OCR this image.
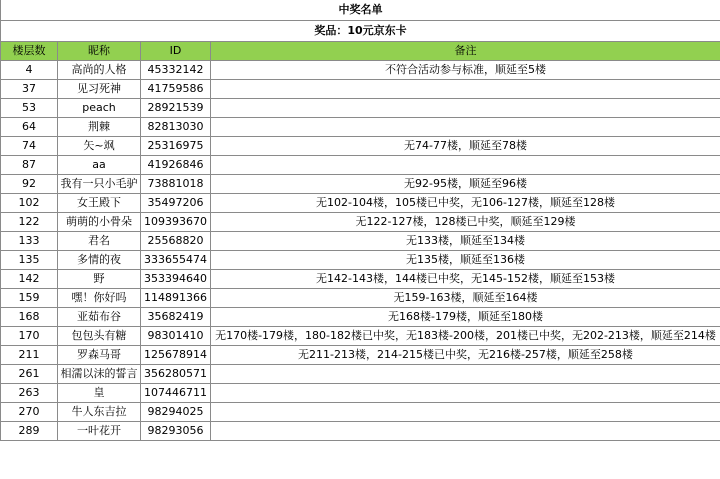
中奖名单			
奖品：10元京东卡			
楼层数	昵称	ID	备注
4	高尚的人格	45332142	不符合活动参与标准，顺延至5楼
37	见习死神	41759586	
53	peach	28921539	
64	荆棘	82813030	
74	矢~飒	25316975	无74-77楼，顺延至78楼
87	aa	41926846	
92	我有一只小毛驴	73881018	无92-95楼，顺延至96楼
102	女王殿下	35497206	无102-104楼，105楼已中奖，无106-127楼，顺延至128楼
122	萌萌的小骨朵	109393670	无122-127楼，128楼已中奖，顺延至129楼
133	君名	25568820	无133楼，顺延至134楼
135	多情的夜	333655474	无135楼，顺延至136楼
142	野	353394640	无142-143楼，144楼已中奖，无145-152楼，顺延至153楼
159	嘿！你好吗	114891366	无159-163楼，顺延至164楼
168	亚茹布谷	35682419	无168楼-179楼，顺延至180楼
170	包包头有糖	98301410	无170楼-179楼，180-182楼已中奖，无183楼-200楼，201楼已中奖，无202-213楼，顺延至214楼
211	罗森马哥	125678914	无211-213楼，214-215楼已中奖，无216楼-257楼，顺延至258楼
261	相濡以沫的誓言	356280571	
263	皇	107446711	
270	牛人东吉拉	98294025	
289	一叶花开	98293056	
